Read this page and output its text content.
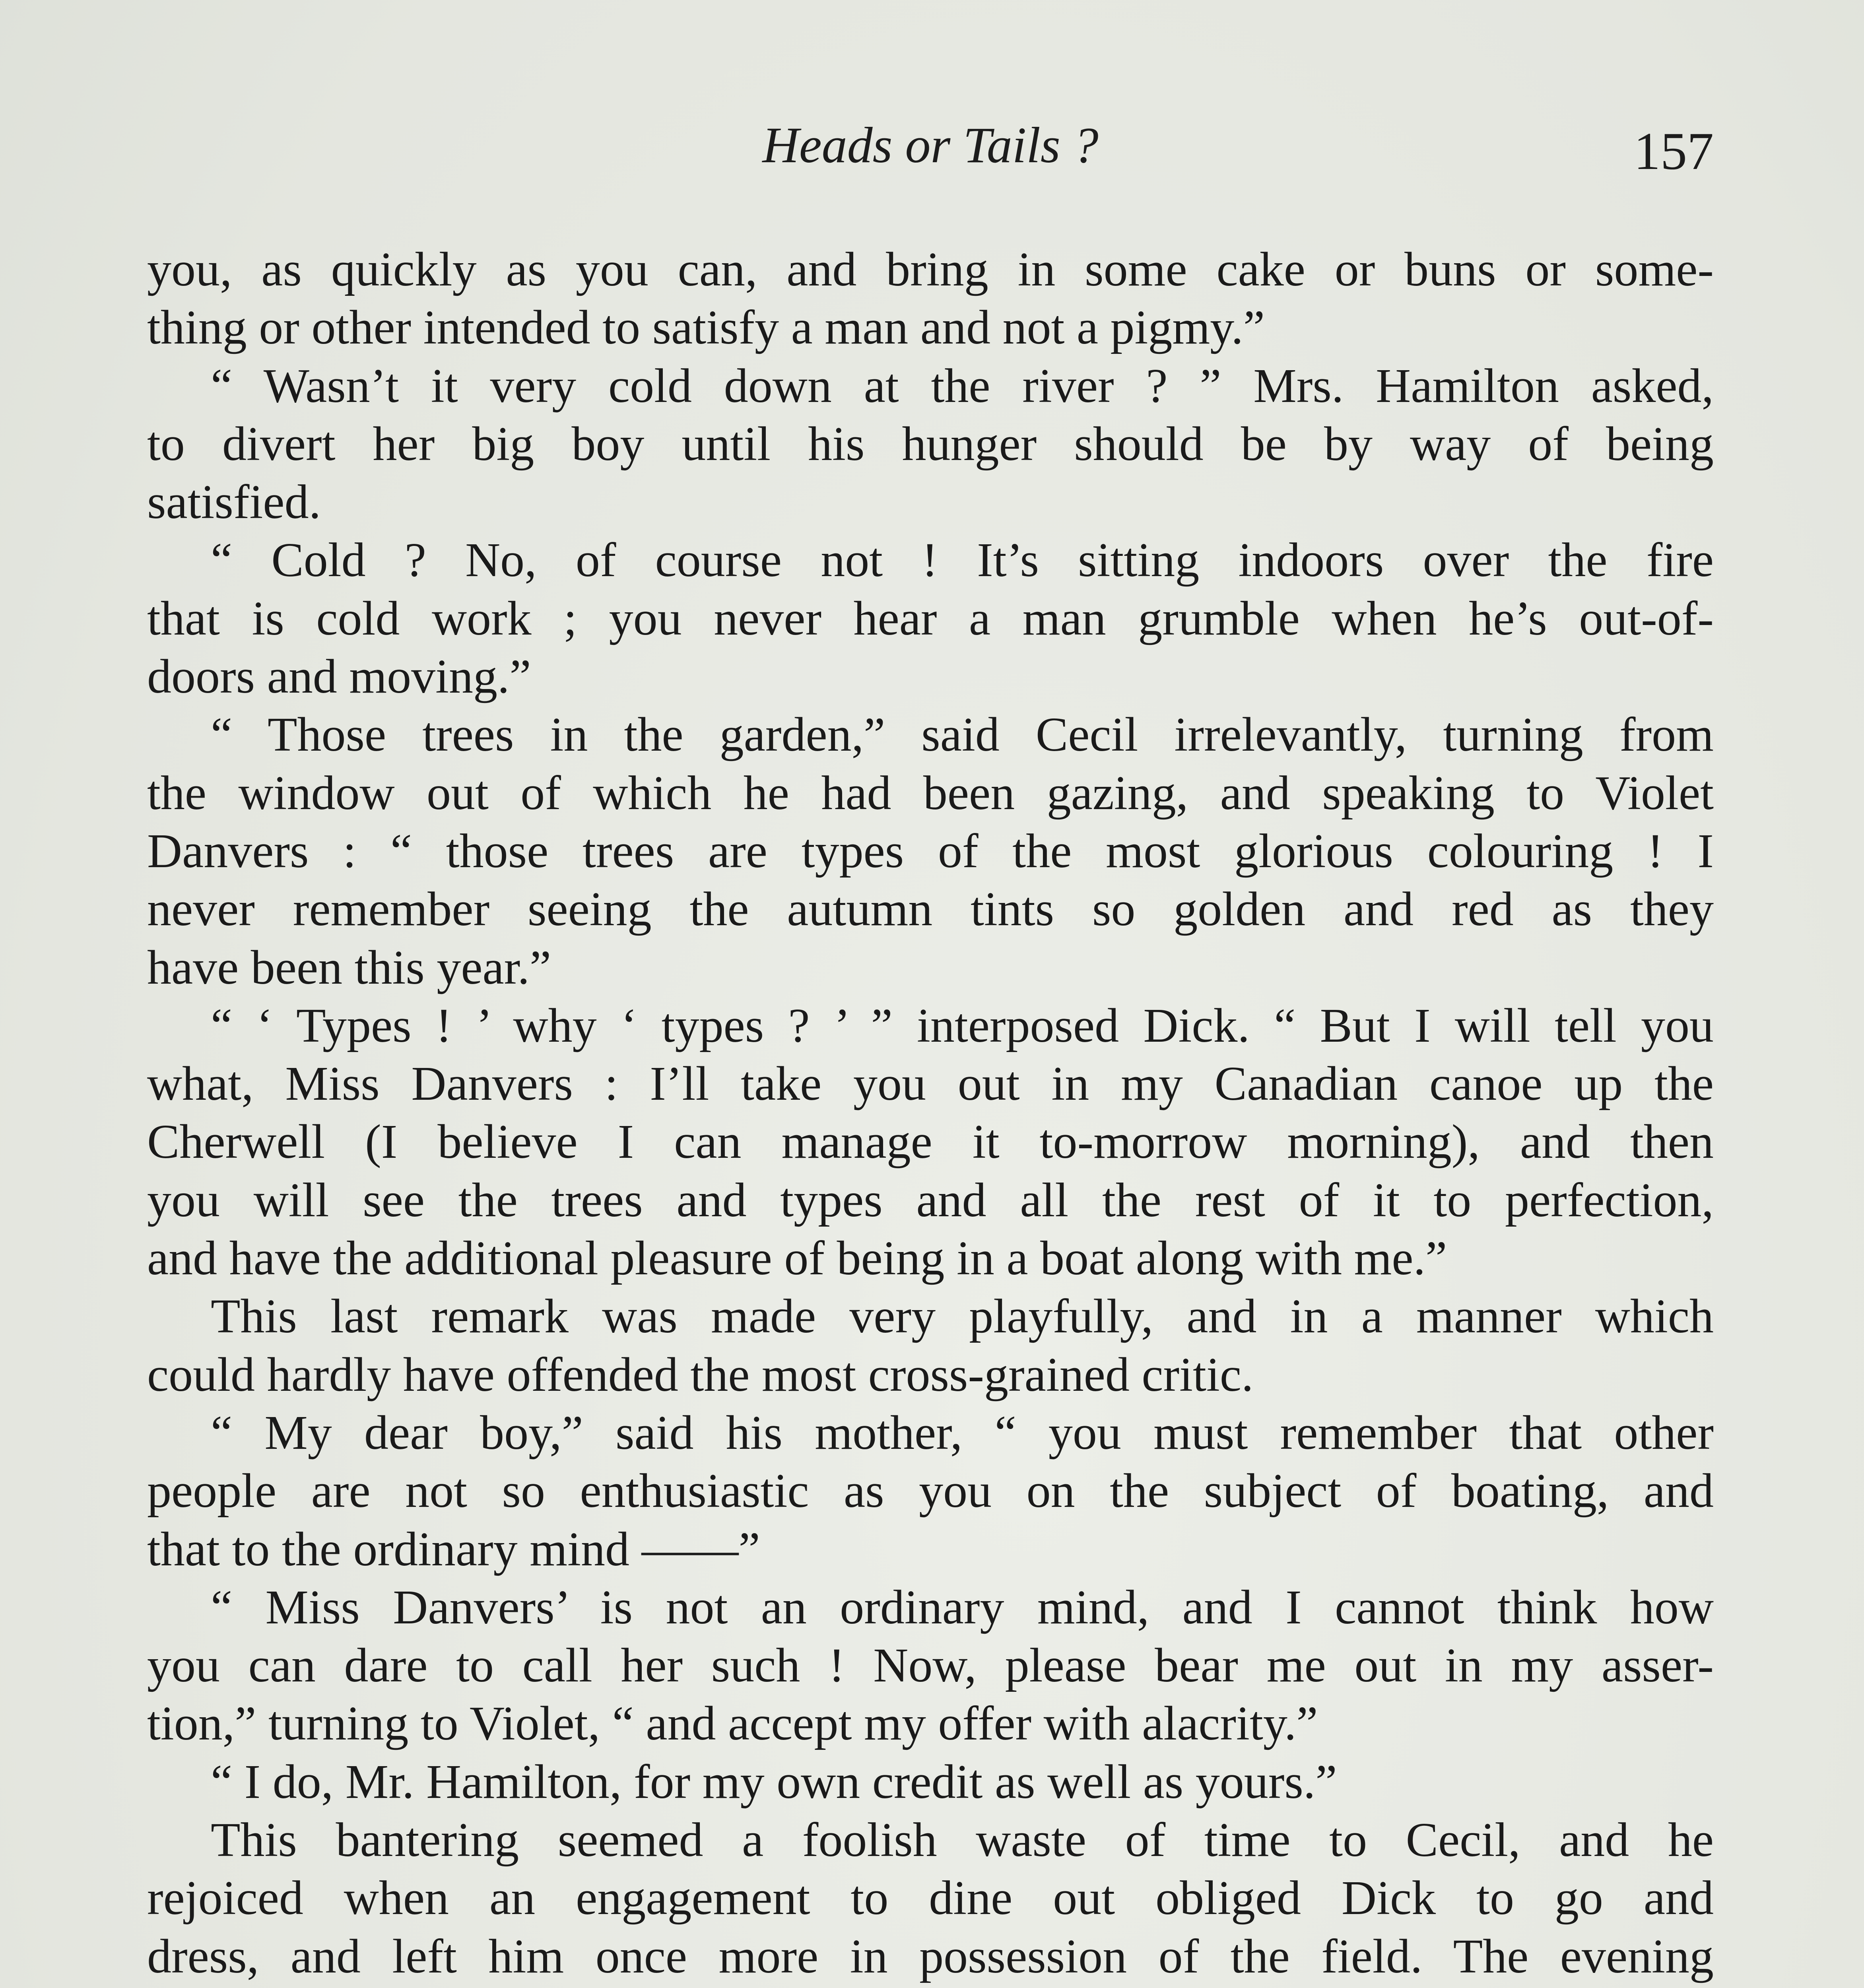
Heads or Tails ?	157
you, as quickly as you can, and bring in some cake or buns or some-
thing or other intended to satisfy a man and not a pigmy.”
“ Wasn’t it very cold down at the river ? ” Mrs. Hamilton asked,
to divert her big boy until his hunger should be by way of being
satisfied.
“ Cold ? No, of course not ! It’s sitting indoors over the fire
that is cold work ; you never hear a man grumble when he’s out-of-
doors and moving.”
“ Those trees in the garden,” said Cecil irrelevantly, turning from
the window out of which he had been gazing, and speaking to Violet
Danvers : “ those trees are types of the most glorious colouring ! I
never remember seeing the autumn tints so golden and red as they
have been this year.”
“ ‘ Types ! ’ why ‘ types ? ’ ” interposed Dick. “ But I will tell you
what, Miss Danvers : I’ll take you out in my Canadian canoe up the
Cherwell (I believe I can manage it to-morrow morning), and then
you will see the trees and types and all the rest of it to perfection,
and have the additional pleasure of being in a boat along with me.”
This last remark was made very playfully, and in a manner which
could hardly have offended the most cross-grained critic.
“ My dear boy,” said his mother, “ you must remember that other
people are not so enthusiastic as you on the subject of boating, and
that to the ordinary mind ——”
“ Miss Danvers’ is not an ordinary mind, and I cannot think how
you can dare to call her such ! Now, please bear me out in my asser-
tion,” turning to Violet, “ and accept my offer with alacrity.”
“ I do, Mr. Hamilton, for my own credit as well as yours.”
This bantering seemed a foolish waste of time to Cecil, and he
rejoiced when an engagement to dine out obliged Dick to go and
dress, and left him once more in possession of the field. The evening
